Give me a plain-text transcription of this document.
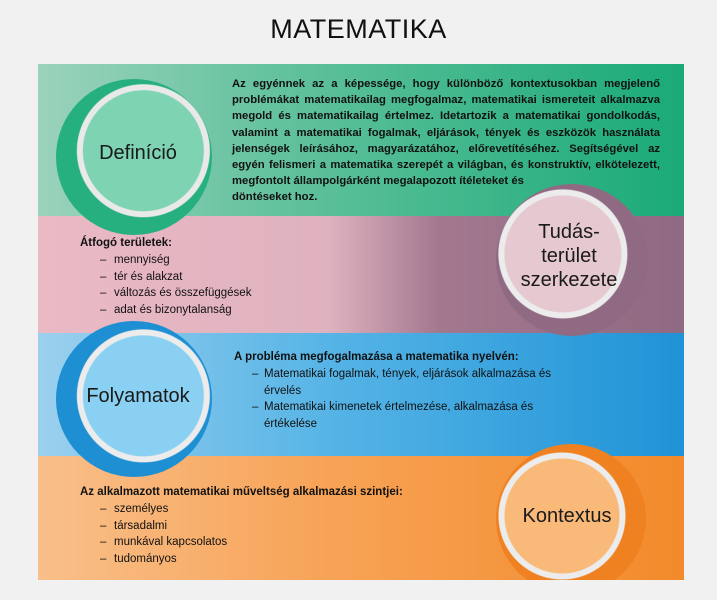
MATEMATIKA
Definíció
Az egyénnek az a képessége, hogy különböző kontextusokban megjelenő problémákat matematikailag megfogalmaz, matematikai ismereteit alkalmazva megold és matematikailag értelmez. Idetartozik a matematikai gondolkodás, valamint a matematikai fogalmak, eljárások, tények és eszközök használata jelenségek leírásához, magyarázatához, előrevetítéséhez. Segítségével az egyén felismeri a matematika szerepét a világban, és konstruktív, elkötelezett, megfontolt állampolgárként megalapozott ítéleteket és
döntéseket hoz.
Átfogó területek:
– mennyiség
– tér és alakzat
– változás és összefüggések
– adat és bizonytalanság
Tudás-
terület
szerkezete
Folyamatok
A probléma megfogalmazása a matematika nyelvén:
– Matematikai fogalmak, tények, eljárások alkalmazása és érvelés
– Matematikai kimenetek értelmezése, alkalmazása és értékelése
Az alkalmazott matematikai műveltség alkalmazási szintjei:
– személyes
– társadalmi
– munkával kapcsolatos
– tudományos
Kontextus
